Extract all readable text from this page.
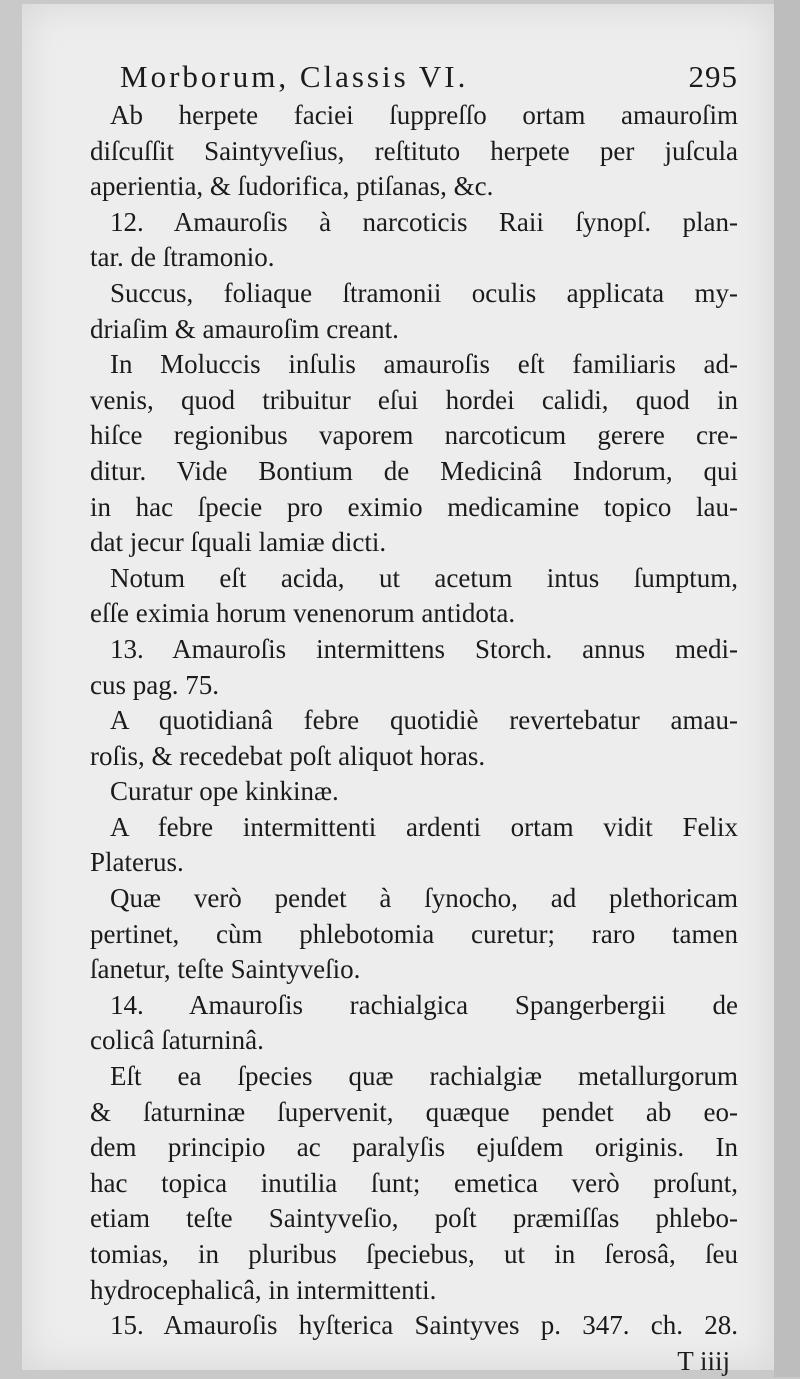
Morborum, Classis VI.	295
Ab herpete faciei ſuppreſſo ortam amauroſim
diſcuſſit Saintyveſius, reſtituto herpete per juſcula
aperientia, & ſudorifica, ptiſanas, &c.
12. Amauroſis à narcoticis Raii ſynopſ. plan-
tar. de ſtramonio.
Succus, foliaque ſtramonii oculis applicata my-
driaſim & amauroſim creant.
In Moluccis inſulis amauroſis eſt familiaris ad-
venis, quod tribuitur eſui hordei calidi, quod in
hiſce regionibus vaporem narcoticum gerere cre-
ditur. Vide Bontium de Medicinâ Indorum, qui
in hac ſpecie pro eximio medicamine topico lau-
dat jecur ſquali lamiæ dicti.
Notum eſt acida, ut acetum intus ſumptum,
eſſe eximia horum venenorum antidota.
13. Amauroſis intermittens Storch. annus medi-
cus pag. 75.
A quotidianâ febre quotidiè revertebatur amau-
roſis, & recedebat poſt aliquot horas.
Curatur ope kinkinæ.
A febre intermittenti ardenti ortam vidit Felix
Platerus.
Quæ verò pendet à ſynocho, ad plethoricam
pertinet, cùm phlebotomia curetur; raro tamen
ſanetur, teſte Saintyveſio.
14. Amauroſis rachialgica Spangerbergii de
colicâ ſaturninâ.
Eſt ea ſpecies quæ rachialgiæ metallurgorum
& ſaturninæ ſupervenit, quæque pendet ab eo-
dem principio ac paralyſis ejuſdem originis. In
hac topica inutilia ſunt; emetica verò proſunt,
etiam teſte Saintyveſio, poſt præmiſſas phlebo-
tomias, in pluribus ſpeciebus, ut in ſerosâ, ſeu
hydrocephalicâ, in intermittenti.
15. Amauroſis hyſterica Saintyves p. 347. ch. 28.
T iiij
